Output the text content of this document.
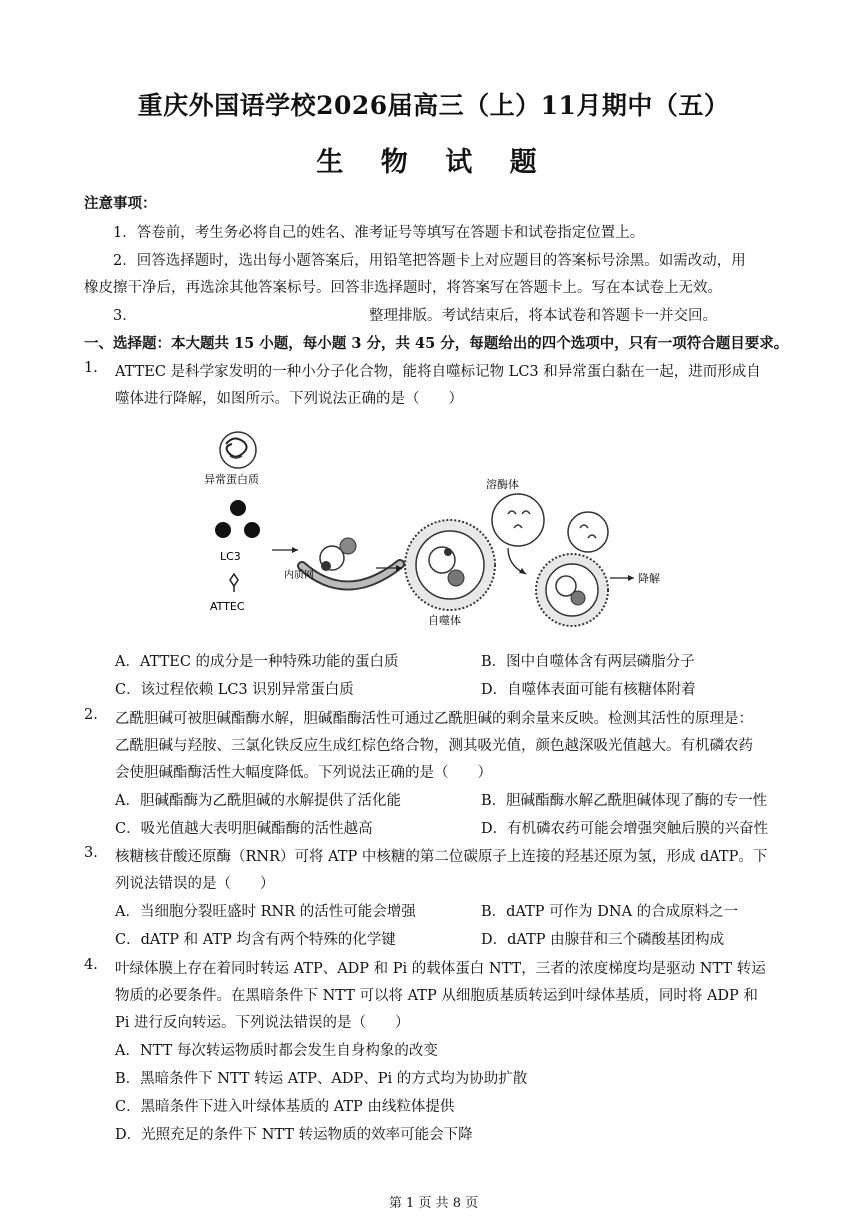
重庆外国语学校2026届高三（上）11月期中（五）
生 物 试 题
注意事项：
1．答卷前，考生务必将自己的姓名、准考证号等填写在答题卡和试卷指定位置上。
2．回答选择题时，选出每小题答案后，用铅笔把答题卡上对应题目的答案标号涂黑。如需改动，用
橡皮擦干净后，再选涂其他答案标号。回答非选择题时，将答案写在答题卡上。写在本试卷上无效。
3．	整理排版。考试结束后，将本试卷和答题卡一并交回。
一、选择题：本大题共 15 小题，每小题 3 分，共 45 分，每题给出的四个选项中，只有一项符合题目要求。
1. ATTEC 是科学家发明的一种小分子化合物，能将自噬标记物 LC3 和异常蛋白黏在一起，进而形成自
噬体进行降解，如图所示。下列说法正确的是（　　）
异常蛋白质
LC3
ATTEC
内质网
自噬体
溶酶体
降解
A．ATTEC 的成分是一种特殊功能的蛋白质	B．图中自噬体含有两层磷脂分子
C．该过程依赖 LC3 识别异常蛋白质	D．自噬体表面可能有核糖体附着
2. 乙酰胆碱可被胆碱酯酶水解，胆碱酯酶活性可通过乙酰胆碱的剩余量来反映。检测其活性的原理是：
乙酰胆碱与羟胺、三氯化铁反应生成红棕色络合物，测其吸光值，颜色越深吸光值越大。有机磷农药
会使胆碱酯酶活性大幅度降低。下列说法正确的是（　　）
A．胆碱酯酶为乙酰胆碱的水解提供了活化能	B．胆碱酯酶水解乙酰胆碱体现了酶的专一性
C．吸光值越大表明胆碱酯酶的活性越高	D．有机磷农药可能会增强突触后膜的兴奋性
3. 核糖核苷酸还原酶（RNR）可将 ATP 中核糖的第二位碳原子上连接的羟基还原为氢，形成 dATP。下
列说法错误的是（　　）
A．当细胞分裂旺盛时 RNR 的活性可能会增强	B．dATP 可作为 DNA 的合成原料之一
C．dATP 和 ATP 均含有两个特殊的化学键	D．dATP 由腺苷和三个磷酸基团构成
4. 叶绿体膜上存在着同时转运 ATP、ADP 和 Pi 的载体蛋白 NTT，三者的浓度梯度均是驱动 NTT 转运
物质的必要条件。在黑暗条件下 NTT 可以将 ATP 从细胞质基质转运到叶绿体基质，同时将 ADP 和
Pi 进行反向转运。下列说法错误的是（　　）
A．NTT 每次转运物质时都会发生自身构象的改变
B．黑暗条件下 NTT 转运 ATP、ADP、Pi 的方式均为协助扩散
C．黑暗条件下进入叶绿体基质的 ATP 由线粒体提供
D．光照充足的条件下 NTT 转运物质的效率可能会下降
第 1 页 共 8 页
